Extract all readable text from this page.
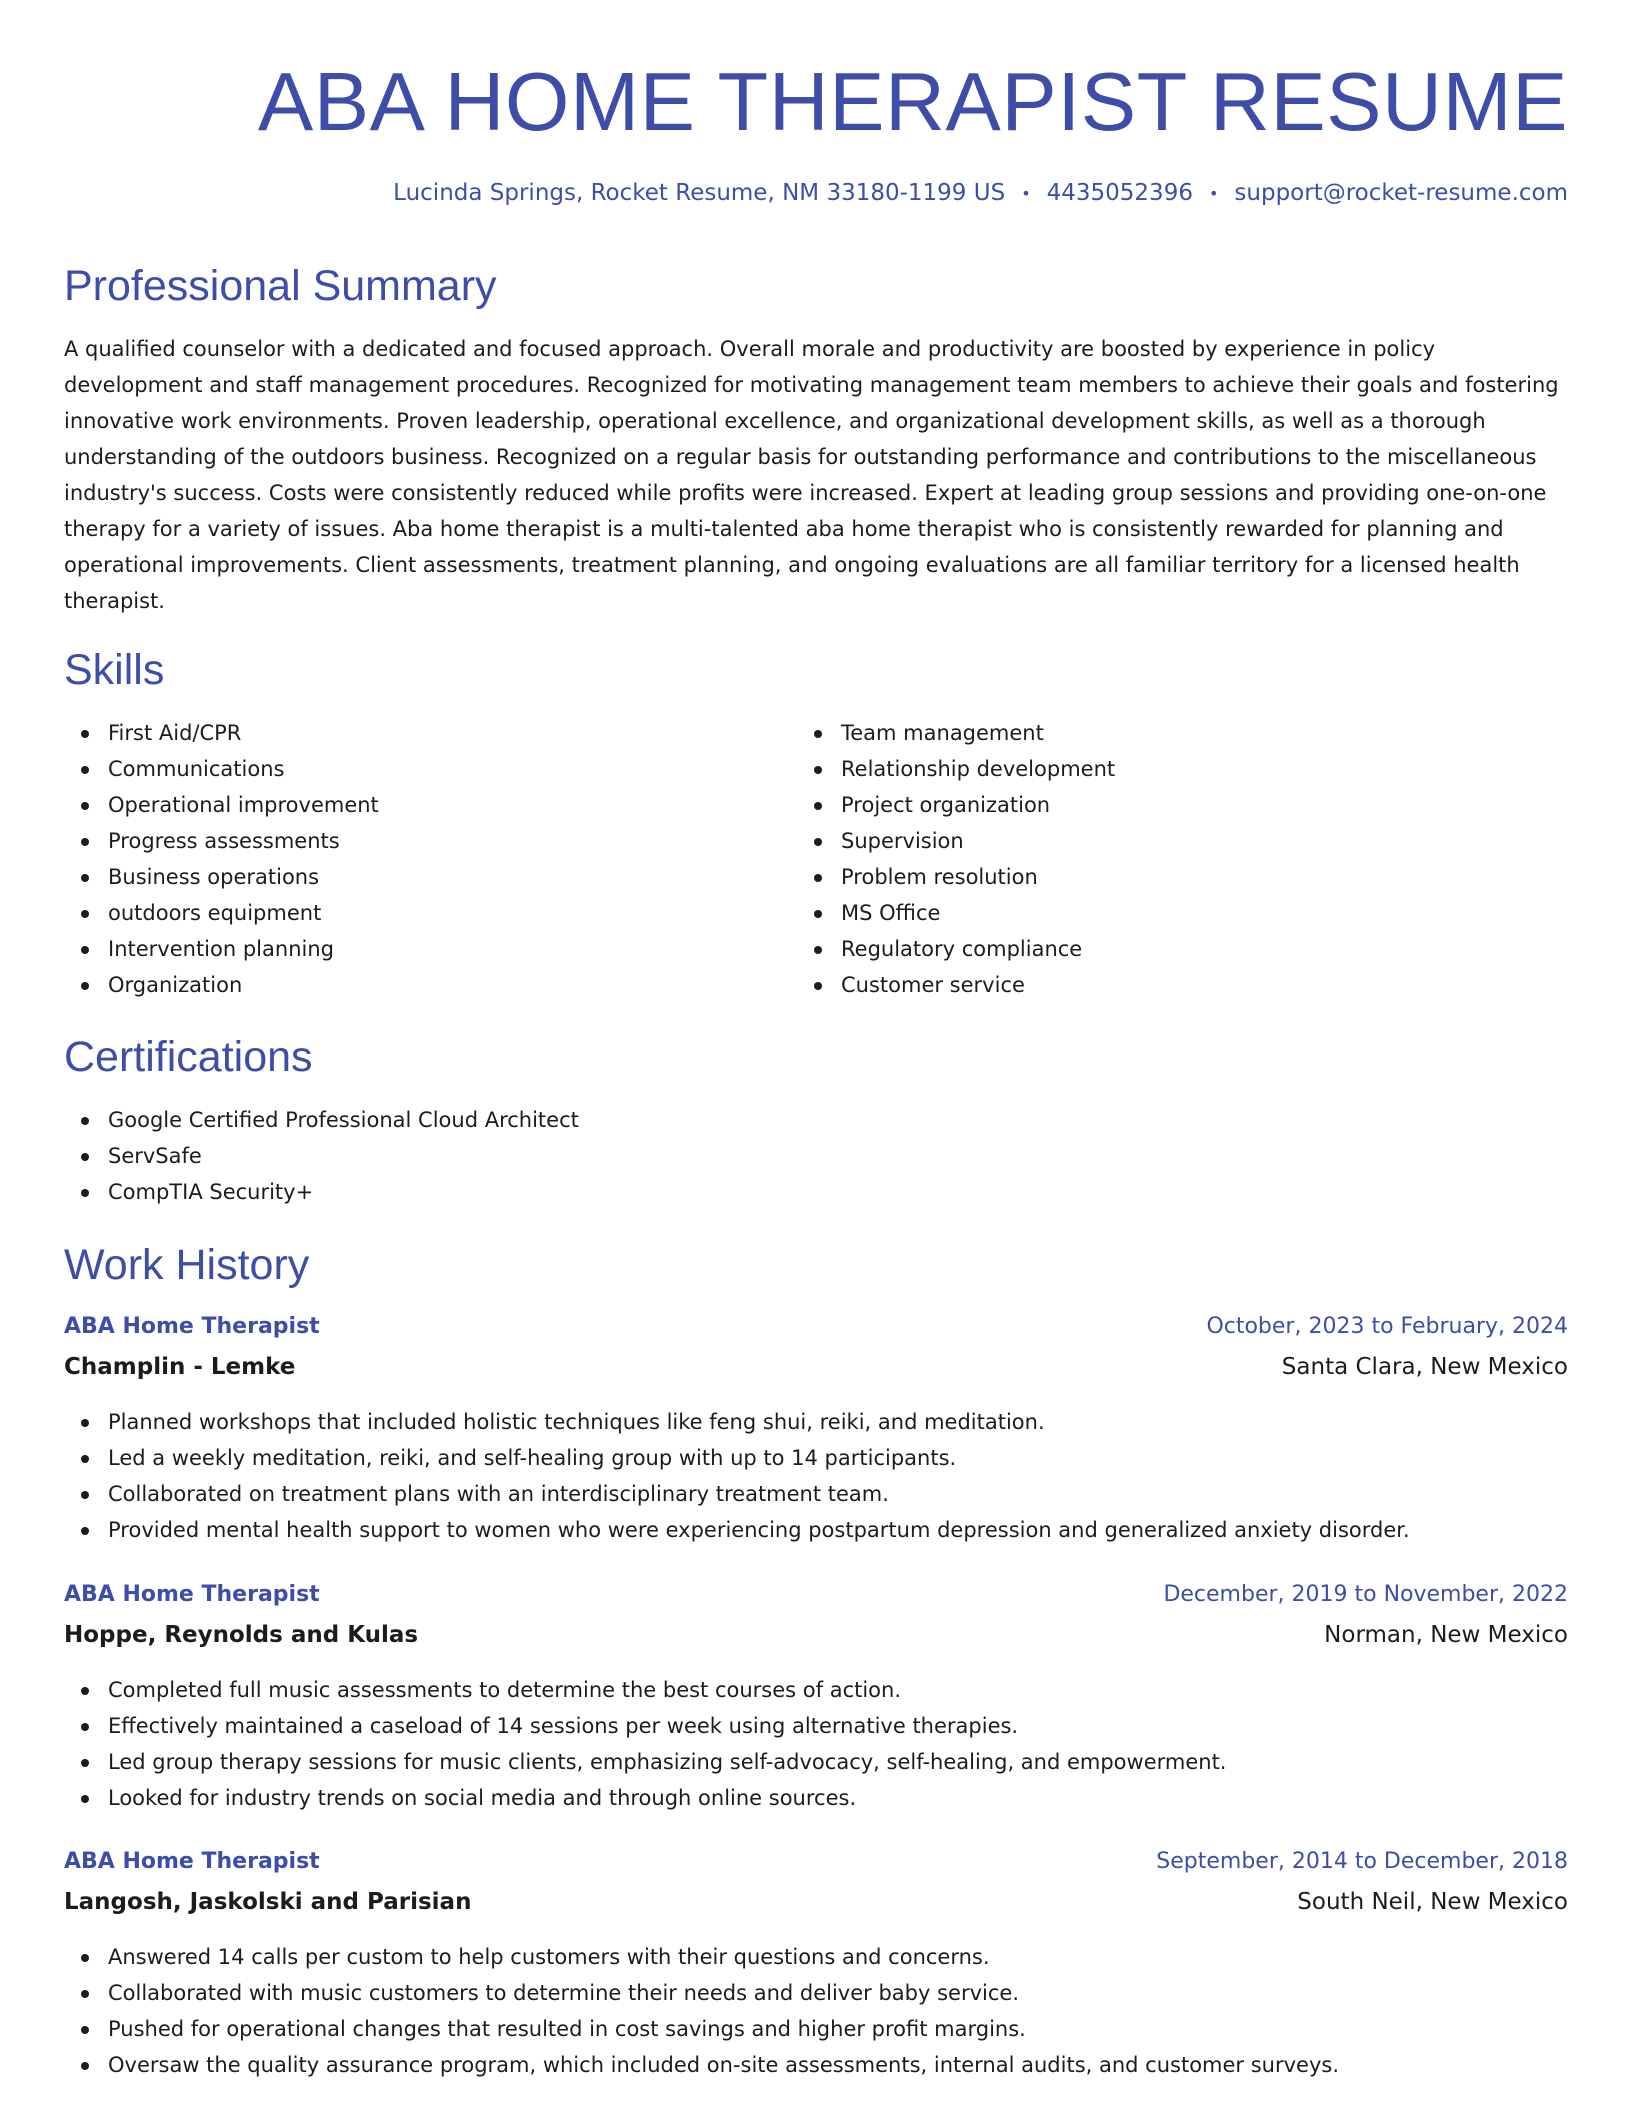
ABA HOME THERAPIST RESUME
Lucinda Springs, Rocket Resume, NM 33180-1199 US • 4435052396 • support@rocket-resume.com
Professional Summary

A qualified counselor with a dedicated and focused approach. Overall morale and productivity are boosted by experience in policy development and staff management procedures. Recognized for motivating management team members to achieve their goals and fostering innovative work environments. Proven leadership, operational excellence, and organizational development skills, as well as a thorough understanding of the outdoors business. Recognized on a regular basis for outstanding performance and contributions to the miscellaneous industry's success. Costs were consistently reduced while profits were increased. Expert at leading group sessions and providing one-on-one therapy for a variety of issues. Aba home therapist is a multi-talented aba home therapist who is consistently rewarded for planning and operational improvements. Client assessments, treatment planning, and ongoing evaluations are all familiar territory for a licensed health therapist.

Skills
First Aid/CPR
Communications
Operational improvement
Progress assessments
Business operations
outdoors equipment
Intervention planning
Organization
Team management
Relationship development
Project organization
Supervision
Problem resolution
MS Office
Regulatory compliance
Customer service
Certifications
Google Certified Professional Cloud Architect
ServSafe
CompTIA Security+
Work History
ABA Home Therapist	October, 2023 to February, 2024
Champlin - Lemke	Santa Clara, New Mexico
Planned workshops that included holistic techniques like feng shui, reiki, and meditation.
Led a weekly meditation, reiki, and self-healing group with up to 14 participants.
Collaborated on treatment plans with an interdisciplinary treatment team.
Provided mental health support to women who were experiencing postpartum depression and generalized anxiety disorder.
ABA Home Therapist	December, 2019 to November, 2022
Hoppe, Reynolds and Kulas	Norman, New Mexico
Completed full music assessments to determine the best courses of action.
Effectively maintained a caseload of 14 sessions per week using alternative therapies.
Led group therapy sessions for music clients, emphasizing self-advocacy, self-healing, and empowerment.
Looked for industry trends on social media and through online sources.
ABA Home Therapist	September, 2014 to December, 2018
Langosh, Jaskolski and Parisian	South Neil, New Mexico
Answered 14 calls per custom to help customers with their questions and concerns.
Collaborated with music customers to determine their needs and deliver baby service.
Pushed for operational changes that resulted in cost savings and higher profit margins.
Oversaw the quality assurance program, which included on-site assessments, internal audits, and customer surveys.
